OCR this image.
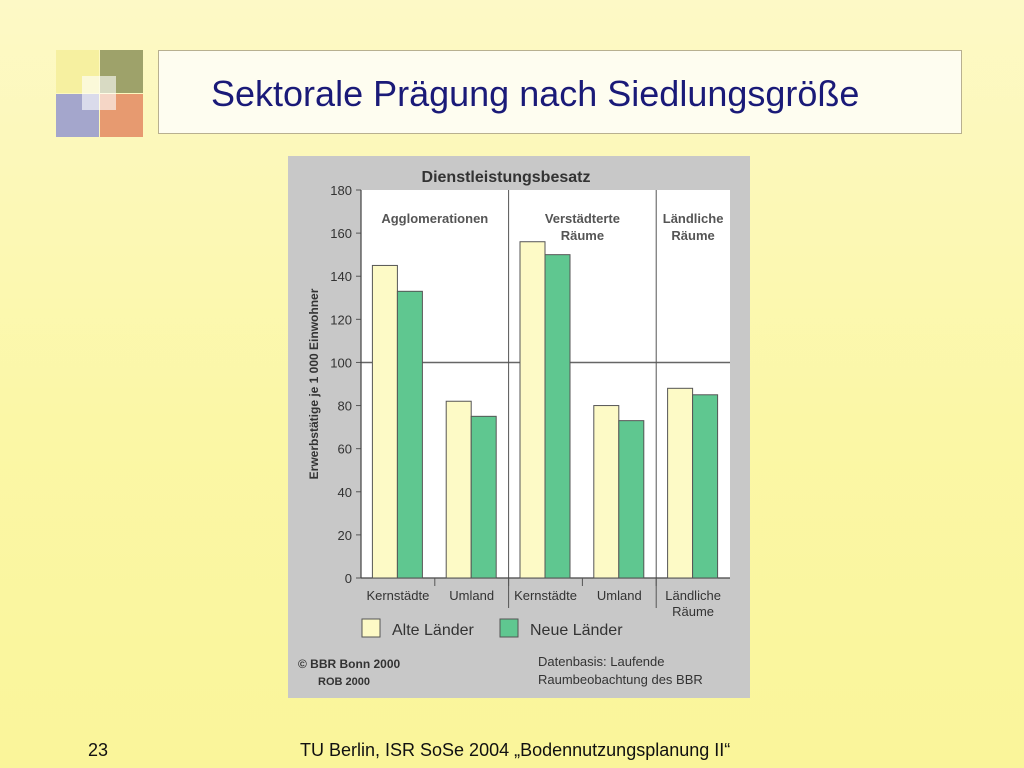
Sektorale Prägung nach Siedlungsgröße
Dienstleistungsbesatz
Agglomerationen	Verstädterte
Räume
Ländliche
Räume
0
20
40
60
80
100
120
140
160
180
Kernstädte Umland Kernstädte Umland Ländliche
Räume
Erwerbstätige je 1 000 Einwohner
Alte Länder	Neue Länder
© BBR Bonn 2000
ROB 2000
Datenbasis: Laufende
Raumbeobachtung des BBR
23	TU Berlin, ISR SoSe 2004 „Bodennutzungsplanung II“
